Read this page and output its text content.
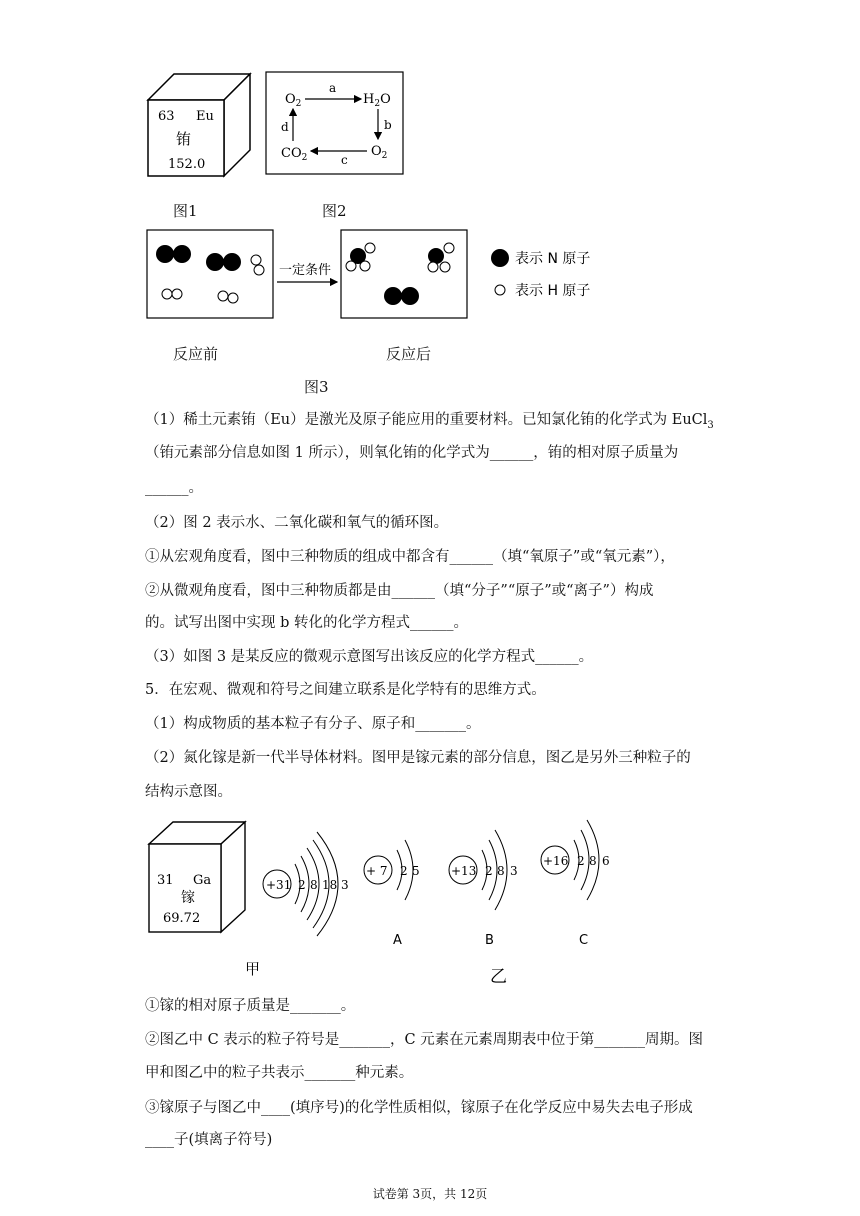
63 Eu
铕
152.0
图1
$O_2$	$H_2O$
$CO_2$	$O_2$
a
b
c
d
图2
一定条件
表示 N 原子
表示 H 原子
反应前	反应后
图3
（1）稀土元素铕（Eu）是激光及原子能应用的重要材料。已知氯化铕的化学式为 EuCl$_3$
（铕元素部分信息如图 1 所示），则氧化铕的化学式为______，铕的相对原子质量为
______。
（2）图 2 表示水、二氧化碳和氧气的循环图。
①从宏观角度看，图中三种物质的组成中都含有______（填“氧原子”或“氧元素”），
②从微观角度看，图中三种物质都是由______（填“分子”“原子”或“离子”）构成
的。试写出图中实现 b 转化的化学方程式______。
（3）如图 3 是某反应的微观示意图写出该反应的化学方程式______。
5．在宏观、微观和符号之间建立联系是化学特有的思维方式。
（1）构成物质的基本粒子有分子、原子和_______。
（2）氮化镓是新一代半导体材料。图甲是镓元素的部分信息，图乙是另外三种粒子的
结构示意图。
31 Ga
镓
69.72
+31 2 8 18 3
+ 7 2 5
A
+13 2 8 3
B
+16 2 8 6
C
甲	乙
①镓的相对原子质量是_______。
②图乙中 C 表示的粒子符号是_______，C 元素在元素周期表中位于第_______周期。图
甲和图乙中的粒子共表示_______种元素。
③镓原子与图乙中____(填序号)的化学性质相似，镓原子在化学反应中易失去电子形成
____子(填离子符号)
试卷第 3页，共 12页
